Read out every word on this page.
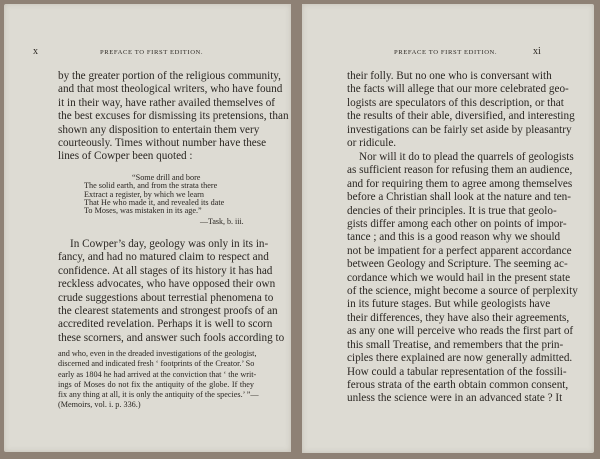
x	PREFACE TO FIRST EDITION.
by the greater portion of the religious community,
and that most theological writers, who have found
it in their way, have rather availed themselves of
the best excuses for dismissing its pretensions, than
shown any disposition to entertain them very
courteously. Times without number have these
lines of Cowper been quoted :
“Some drill and bore
The solid earth, and from the strata there
Extract a register, by which we learn
That He who made it, and revealed its date
To Moses, was mistaken in its age.”
—Task, b. iii.
In Cowper’s day, geology was only in its in-
fancy, and had no matured claim to respect and
confidence. At all stages of its history it has had
reckless advocates, who have opposed their own
crude suggestions about terrestial phenomena to
the clearest statements and strongest proofs of an
accredited revelation. Perhaps it is well to scorn
these scorners, and answer such fools according to
and who, even in the dreaded investigations of the geologist,
discerned and indicated fresh ‘ footprints of the Creator.’ So
early as 1804 he had arrived at the conviction that ‘ the writ-
ings of Moses do not fix the antiquity of the globe. If they
fix any thing at all, it is only the antiquity of the species.’ ”—
(Memoirs, vol. i. p. 336.)
PREFACE TO FIRST EDITION.	xi
their folly. But no one who is conversant with
the facts will allege that our more celebrated geo-
logists are speculators of this description, or that
the results of their able, diversified, and interesting
investigations can be fairly set aside by pleasantry
or ridicule.
Nor will it do to plead the quarrels of geologists
as sufficient reason for refusing them an audience,
and for requiring them to agree among themselves
before a Christian shall look at the nature and ten-
dencies of their principles. It is true that geolo-
gists differ among each other on points of impor-
tance ; and this is a good reason why we should
not be impatient for a perfect apparent accordance
between Geology and Scripture. The seeming ac-
cordance which we would hail in the present state
of the science, might become a source of perplexity
in its future stages. But while geologists have
their differences, they have also their agreements,
as any one will perceive who reads the first part of
this small Treatise, and remembers that the prin-
ciples there explained are now generally admitted.
How could a tabular representation of the fossili-
ferous strata of the earth obtain common consent,
unless the science were in an advanced state ? It
